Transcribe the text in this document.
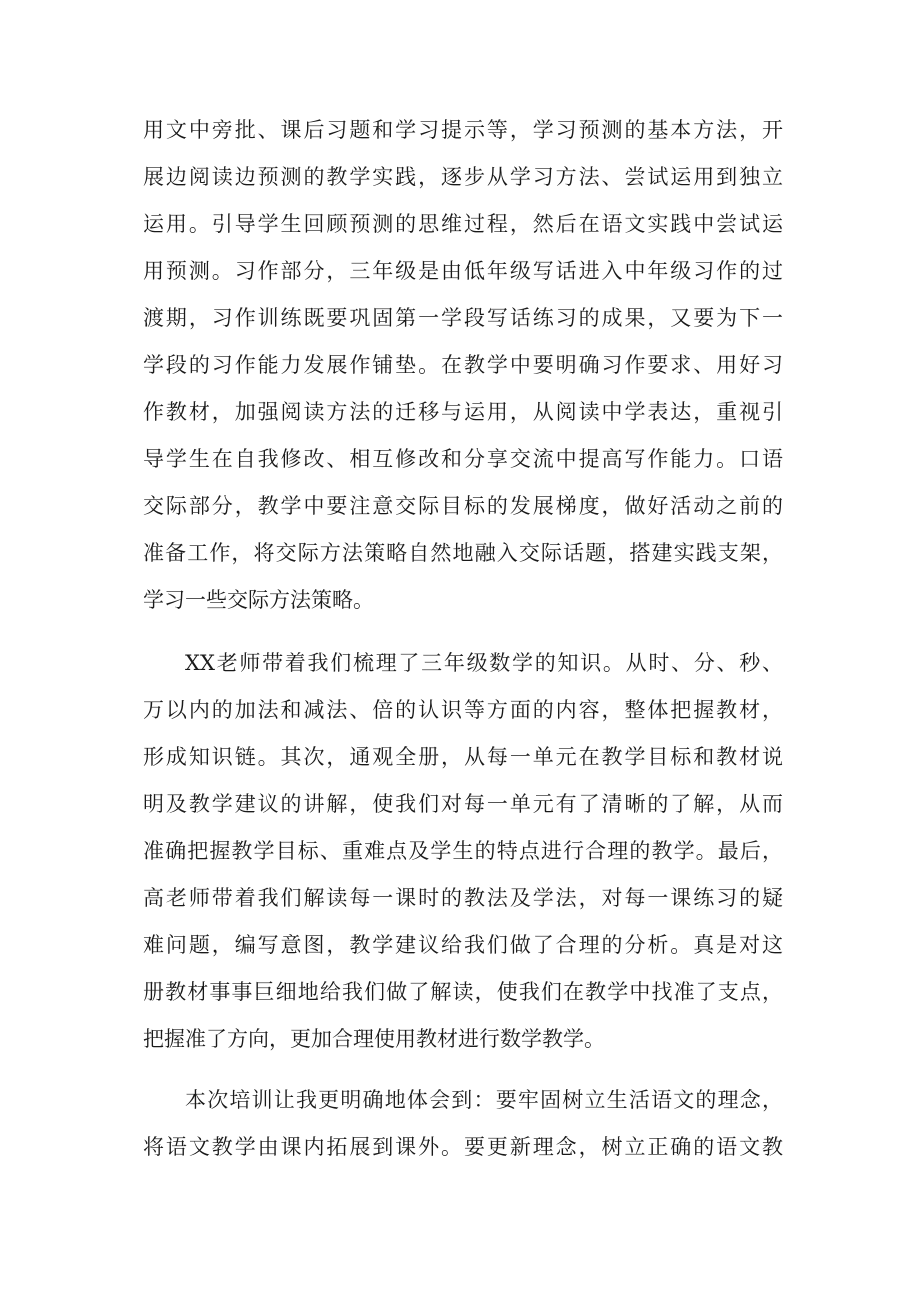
用文中旁批、课后习题和学习提示等，学习预测的基本方法，开
展边阅读边预测的教学实践，逐步从学习方法、尝试运用到独立
运用。引导学生回顾预测的思维过程，然后在语文实践中尝试运
用预测。习作部分，三年级是由低年级写话进入中年级习作的过
渡期，习作训练既要巩固第一学段写话练习的成果，又要为下一
学段的习作能力发展作铺垫。在教学中要明确习作要求、用好习
作教材，加强阅读方法的迁移与运用，从阅读中学表达，重视引
导学生在自我修改、相互修改和分享交流中提高写作能力。口语
交际部分，教学中要注意交际目标的发展梯度，做好活动之前的
准备工作，将交际方法策略自然地融入交际话题，搭建实践支架，
学习一些交际方法策略。
XX老师带着我们梳理了三年级数学的知识。从时、分、秒、
万以内的加法和减法、倍的认识等方面的内容，整体把握教材，
形成知识链。其次，通观全册，从每一单元在教学目标和教材说
明及教学建议的讲解，使我们对每一单元有了清晰的了解，从而
准确把握教学目标、重难点及学生的特点进行合理的教学。最后，
高老师带着我们解读每一课时的教法及学法，对每一课练习的疑
难问题，编写意图，教学建议给我们做了合理的分析。真是对这
册教材事事巨细地给我们做了解读，使我们在教学中找准了支点，
把握准了方向，更加合理使用教材进行数学教学。
本次培训让我更明确地体会到：要牢固树立生活语文的理念，
将语文教学由课内拓展到课外。要更新理念，树立正确的语文教
